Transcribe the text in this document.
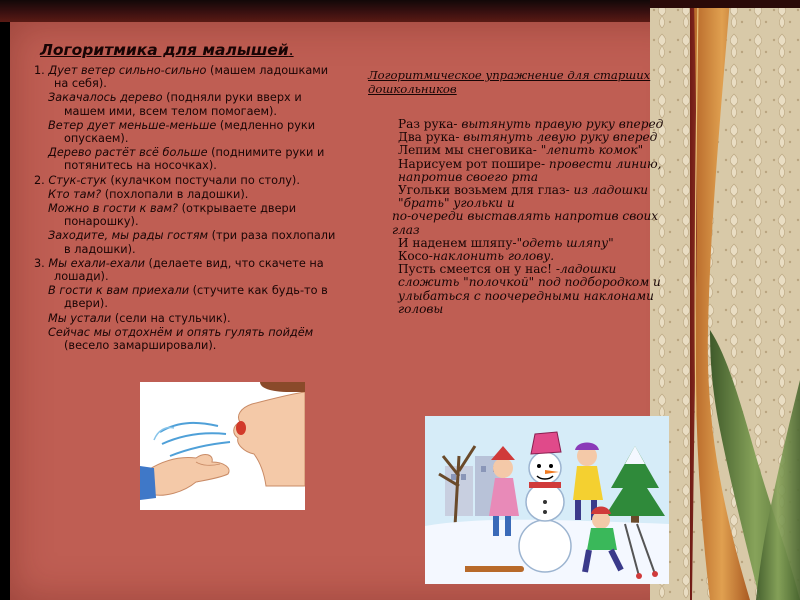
Логоритмика для малышей.
1. Дует ветер сильно-сильно (машем ладошками на себя).
Закачалось дерево (подняли руки вверх и машем ими, всем телом помогаем).
Ветер дует меньше-меньше (медленно руки опускаем).
Дерево растёт всё больше (поднимите руки и потянитесь на носочках).
2. Стук-стук (кулачком постучали по столу).
Кто там? (похлопали в ладошки).
Можно в гости к вам? (открываете двери понарошку).
Заходите, мы рады гостям (три раза похлопали в ладошки).
3. Мы ехали-ехали (делаете вид, что скачете на лошади).
В гости к вам приехали (стучите как будь-то в двери).
Мы устали (сели на стульчик).
Сейчас мы отдохнём и опять гулять пойдём (весело замаршировали).
Логоритмическое упражнение для старших дошкольников
Раз рука- вытянуть правую руку вперед
Два рука- вытянуть левую руку вперед
Лепим мы снеговика- "лепить комок"
Нарисуем рот пошире- провести линию, напротив своего рта
Угольки возьмем для глаз- из ладошки "брать" угольки и
по-очереди выставлять напротив своих глаз
И наденем шляпу-"одеть шляпу"
Косо-наклонить голову.
Пусть смеется он у нас! -ладошки сложить "полочкой" под подбородком и улыбаться с поочередными наклонами головы
